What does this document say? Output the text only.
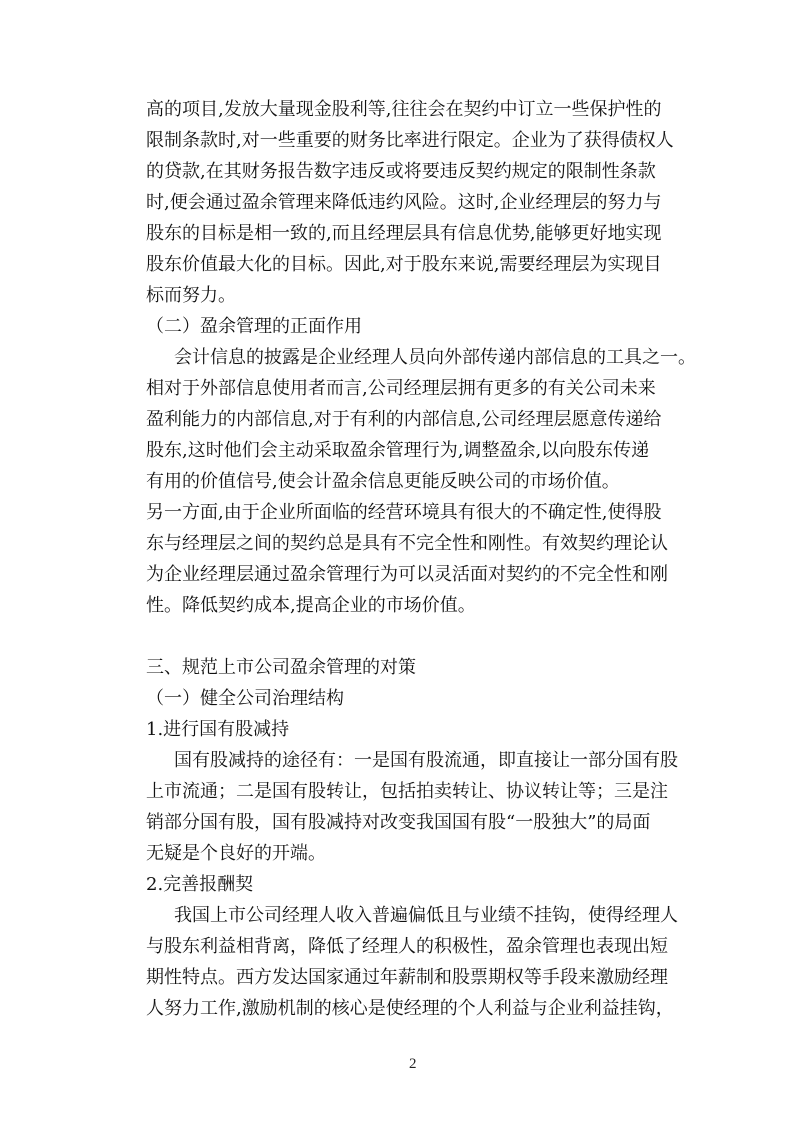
高的项目,发放大量现金股利等,往往会在契约中订立一些保护性的
限制条款时,对一些重要的财务比率进行限定。企业为了获得债权人
的贷款,在其财务报告数字违反或将要违反契约规定的限制性条款
时,便会通过盈余管理来降低违约风险。这时,企业经理层的努力与
股东的目标是相一致的,而且经理层具有信息优势,能够更好地实现
股东价值最大化的目标。因此,对于股东来说,需要经理层为实现目
标而努力。
（二）盈余管理的正面作用
会计信息的披露是企业经理人员向外部传递内部信息的工具之一。
相对于外部信息使用者而言,公司经理层拥有更多的有关公司未来
盈利能力的内部信息,对于有利的内部信息,公司经理层愿意传递给
股东,这时他们会主动采取盈余管理行为,调整盈余,以向股东传递
有用的价值信号,使会计盈余信息更能反映公司的市场价值。
另一方面,由于企业所面临的经营环境具有很大的不确定性,使得股
东与经理层之间的契约总是具有不完全性和刚性。有效契约理论认
为企业经理层通过盈余管理行为可以灵活面对契约的不完全性和刚
性。降低契约成本,提高企业的市场价值。
三、规范上市公司盈余管理的对策
（一）健全公司治理结构
1.进行国有股减持
国有股减持的途径有：一是国有股流通，即直接让一部分国有股
上市流通；二是国有股转让，包括拍卖转让、协议转让等；三是注
销部分国有股，国有股减持对改变我国国有股“一股独大”的局面
无疑是个良好的开端。
2.完善报酬契
我国上市公司经理人收入普遍偏低且与业绩不挂钩，使得经理人
与股东利益相背离，降低了经理人的积极性，盈余管理也表现出短
期性特点。西方发达国家通过年薪制和股票期权等手段来激励经理
人努力工作,激励机制的核心是使经理的个人利益与企业利益挂钩，
2
